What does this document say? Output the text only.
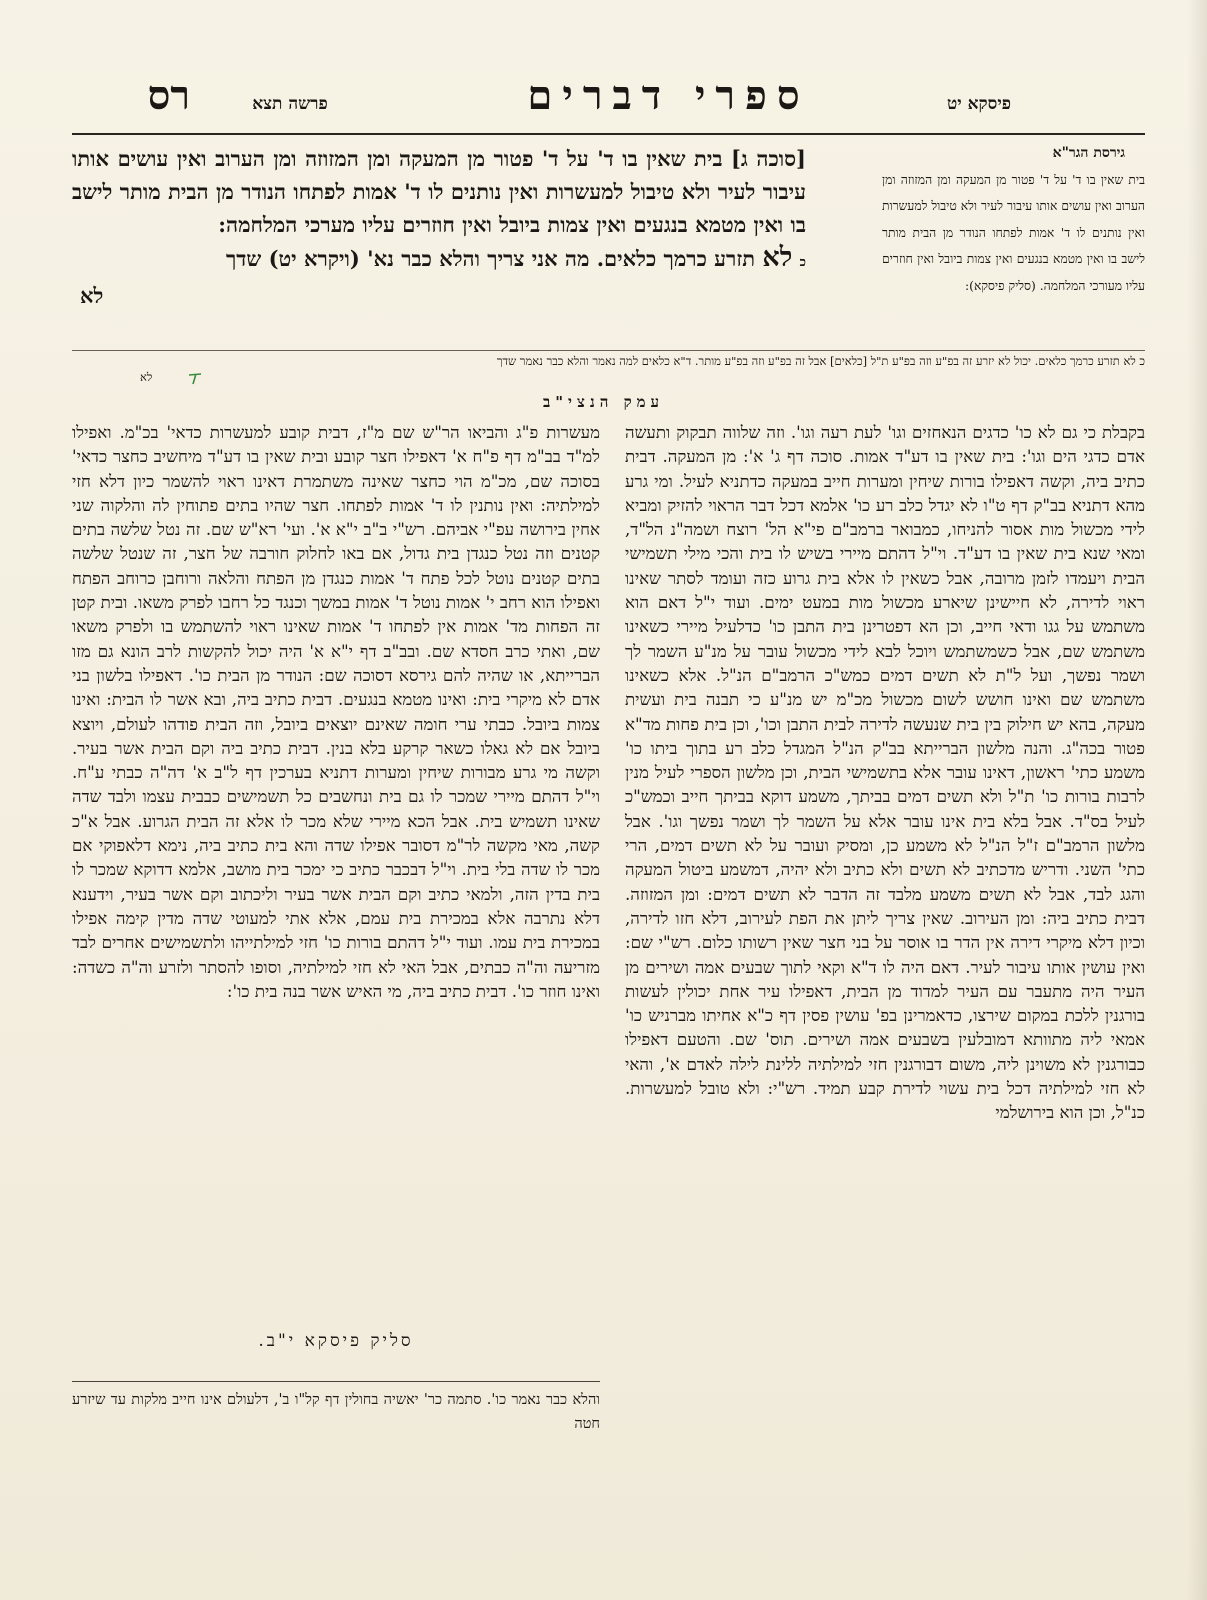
רס	פרשה תצא	ספרי דברים	פיסקא יט
גירסת הגר"א

בית שאין בו ד' על ד' פטור מן המעקה ומן המזוזה ומן הערוב ואין עושים אותו עיבור לעיר ולא טיבול למעשרות ואין נותנים לו ד' אמות לפתחו הנודר מן הבית מותר לישב בו ואין מטמא בנגעים ואין צמות ביובל ואין חוזרים עליו מעורכי המלחמה. (סליק פיסקא):

[סוכה ג] בית שאין בו ד' על ד' פטור מן המעקה ומן המזוזה ומן הערוב ואין עושים אותו עיבור לעיר ולא טיבול למעשרות ואין נותנים לו ד' אמות לפתחו הנודר מן הבית מותר לישב בו ואין מטמא בנגעים ואין צמות ביובל ואין חוזרים עליו מערכי המלחמה:

כ לא תזרע כרמך כלאים. מה אני צריך והלא כבר נא' (ויקרא יט) שדך

לא

כ לא תזרע כרמך כלאים. יכול לא יזרע זה בפ"ע וזה בפ"ע ת"ל [כלאים] אבל זה בפ"ע וזה בפ"ע מותר. ד"א כלאים למה נאמר והלא כבר נאמר שדך
לא
עמק הנצי"ב

בקבלת כי גם לא כו' כדגים הנאחזים וגו' לעת רעה וגו'. וזה שלווה תבקוק ותעשה אדם כדגי הים וגו': בית שאין בו דע"ד אמות. סוכה דף ג' א': מן המעקה. דבית כתיב ביה, וקשה דאפילו בורות שיחין ומערות חייב במעקה כדתניא לעיל. ומי גרע מהא דתניא בב"ק דף ט"ו לא יגדל כלב רע כו' אלמא דכל דבר הראוי להזיק ומביא לידי מכשול מות אסור להניחו, כמבואר ברמב"ם פי"א הל' רוצח ושמה"נ הל"ד, ומאי שנא בית שאין בו דע"ד. וי"ל דהתם מיירי בשיש לו בית והכי מילי תשמישי הבית ויעמדו לזמן מרובה, אבל כשאין לו אלא בית גרוע כזה ועומד לסתר שאינו ראוי לדירה, לא חיישינן שיארע מכשול מות במעט ימים. ועוד י"ל דאם הוא משתמש על גגו ודאי חייב, וכן הא דפטרינן בית התבן כו' כדלעיל מיירי כשאינו משתמש שם, אבל כשמשתמש ויוכל לבא לידי מכשול עובר על מנ"ע השמר לך ושמר נפשך, ועל ל"ת לא תשים דמים כמש"כ הרמב"ם הנ"ל. אלא כשאינו משתמש שם ואינו חושש לשום מכשול מכ"מ יש מנ"ע כי תבנה בית ועשית מעקה, בהא יש חילוק בין בית שנעשה לדירה לבית התבן וכו', וכן בית פחות מד"א פטור בכה"ג. והנה מלשון הברייתא בב"ק הנ"ל המגדל כלב רע בתוך ביתו כו' משמע כתי' ראשון, דאינו עובר אלא בתשמישי הבית, וכן מלשון הספרי לעיל מנין לרבות בורות כו' ת"ל ולא תשים דמים בביתך, משמע דוקא בביתך חייב וכמש"כ לעיל בס"ד. אבל בלא בית אינו עובר אלא על השמר לך ושמר נפשך וגו'. אבל מלשון הרמב"ם ז"ל הנ"ל לא משמע כן, ומסיק ועובר על לא תשים דמים, הרי כתי' השני. ודריש מדכתיב לא תשים ולא כתיב ולא יהיה, דמשמע ביטול המעקה והגג לבד, אבל לא תשים משמע מלבד זה הדבר לא תשים דמים: ומן המזוזה. דבית כתיב ביה: ומן העירוב. שאין צריך ליתן את הפת לעירוב, דלא חזו לדירה, וכיון דלא מיקרי דירה אין הדר בו אוסר על בני חצר שאין רשותו כלום. רש"י שם: ואין עושין אותו עיבור לעיר. דאם היה לו ד"א וקאי לתוך שבעים אמה ושירים מן העיר היה מתעבר עם העיר למדוד מן הבית, דאפילו עיר אחת יכולין לעשות בורגנין ללכת במקום שירצו, כדאמרינן בפ' עושין פסין דף כ"א אחיתו מברניש כו' אמאי ליה מתוותא דמובלעין בשבעים אמה ושירים. תוס' שם. והטעם דאפילו כבורגנין לא משוינן ליה, משום דבורגנין חזי למילתיה ללינת לילה לאדם א', והאי לא חזי למילתיה דכל בית עשוי לדירת קבע תמיד. רש"י: ולא טובל למעשרות. כנ"ל, וכן הוא בירושלמי

מעשרות פ"ג והביאו הר"ש שם מ"ז, דבית קובע למעשרות כדאי' בכ"מ. ואפילו למ"ד בב"מ דף פ"ח א' דאפילו חצר קובע ובית שאין בו דע"ד מיחשיב כחצר כדאי' בסוכה שם, מכ"מ הוי כחצר שאינה משתמרת דאינו ראוי להשמר כיון דלא חזי למילתיה: ואין נותנין לו ד' אמות לפתחו. חצר שהיו בתים פתוחין לה והלקוה שני אחין בירושה עפ"י אביהם. רש"י ב"ב י"א א'. ועי' רא"ש שם. זה נטל שלשה בתים קטנים וזה נטל כנגדן בית גדול, אם באו לחלוק חורבה של חצר, זה שנטל שלשה בתים קטנים נוטל לכל פתח ד' אמות כנגדן מן הפתח והלאה ורוחבן כרוחב הפתח ואפילו הוא רחב י' אמות נוטל ד' אמות במשך וכנגד כל רחבו לפרק משאו. ובית קטן זה הפחות מד' אמות אין לפתחו ד' אמות שאינו ראוי להשתמש בו ולפרק משאו שם, ואתי כרב חסדא שם. ובב"ב דף י"א א' היה יכול להקשות לרב הונא גם מזו הברייתא, או שהיה להם גירסא דסוכה שם: הנודר מן הבית כו'. דאפילו בלשון בני אדם לא מיקרי בית: ואינו מטמא בנגעים. דבית כתיב ביה, ובא אשר לו הבית: ואינו צמות ביובל. כבתי ערי חומה שאינם יוצאים ביובל, וזה הבית פודהו לעולם, ויוצא ביובל אם לא גאלו כשאר קרקע בלא בנין. דבית כתיב ביה וקם הבית אשר בעיר. וקשה מי גרע מבורות שיחין ומערות דתניא בערכין דף ל"ב א' דה"ה כבתי ע"ח. וי"ל דהתם מיירי שמכר לו גם בית ונחשבים כל תשמישים כבבית עצמו ולבד שדה שאינו תשמיש בית. אבל הכא מיירי שלא מכר לו אלא זה הבית הגרוע. אבל א"כ קשה, מאי מקשה לר"מ דסובר אפילו שדה והא בית כתיב ביה, נימא דלאפוקי אם מכר לו שדה בלי בית. וי"ל דבכבר כתיב כי ימכר בית מושב, אלמא דדוקא שמכר לו בית בדין הזה, ולמאי כתיב וקם הבית אשר בעיר וליכתוב וקם אשר בעיר, וידענא דלא נתרבה אלא במכירת בית עמם, אלא אתי למעוטי שדה מדין קימה אפילו במכירת בית עמו. ועוד י"ל דהתם בורות כו' חזי למילתייהו ולתשמישים אחרים לבד מזריעה וה"ה כבתים, אבל האי לא חזי למילתיה, וסופו להסתר ולזרע וה"ה כשדה: ואינו חוזר כו'. דבית כתיב ביה, מי האיש אשר בנה בית כו':

סליק פיסקא י"ב.

והלא כבר נאמר כו'. סתמה כר' יאשיה בחולין דף קל"ו ב', דלעולם אינו חייב מלקות עד שיזרע חטה
